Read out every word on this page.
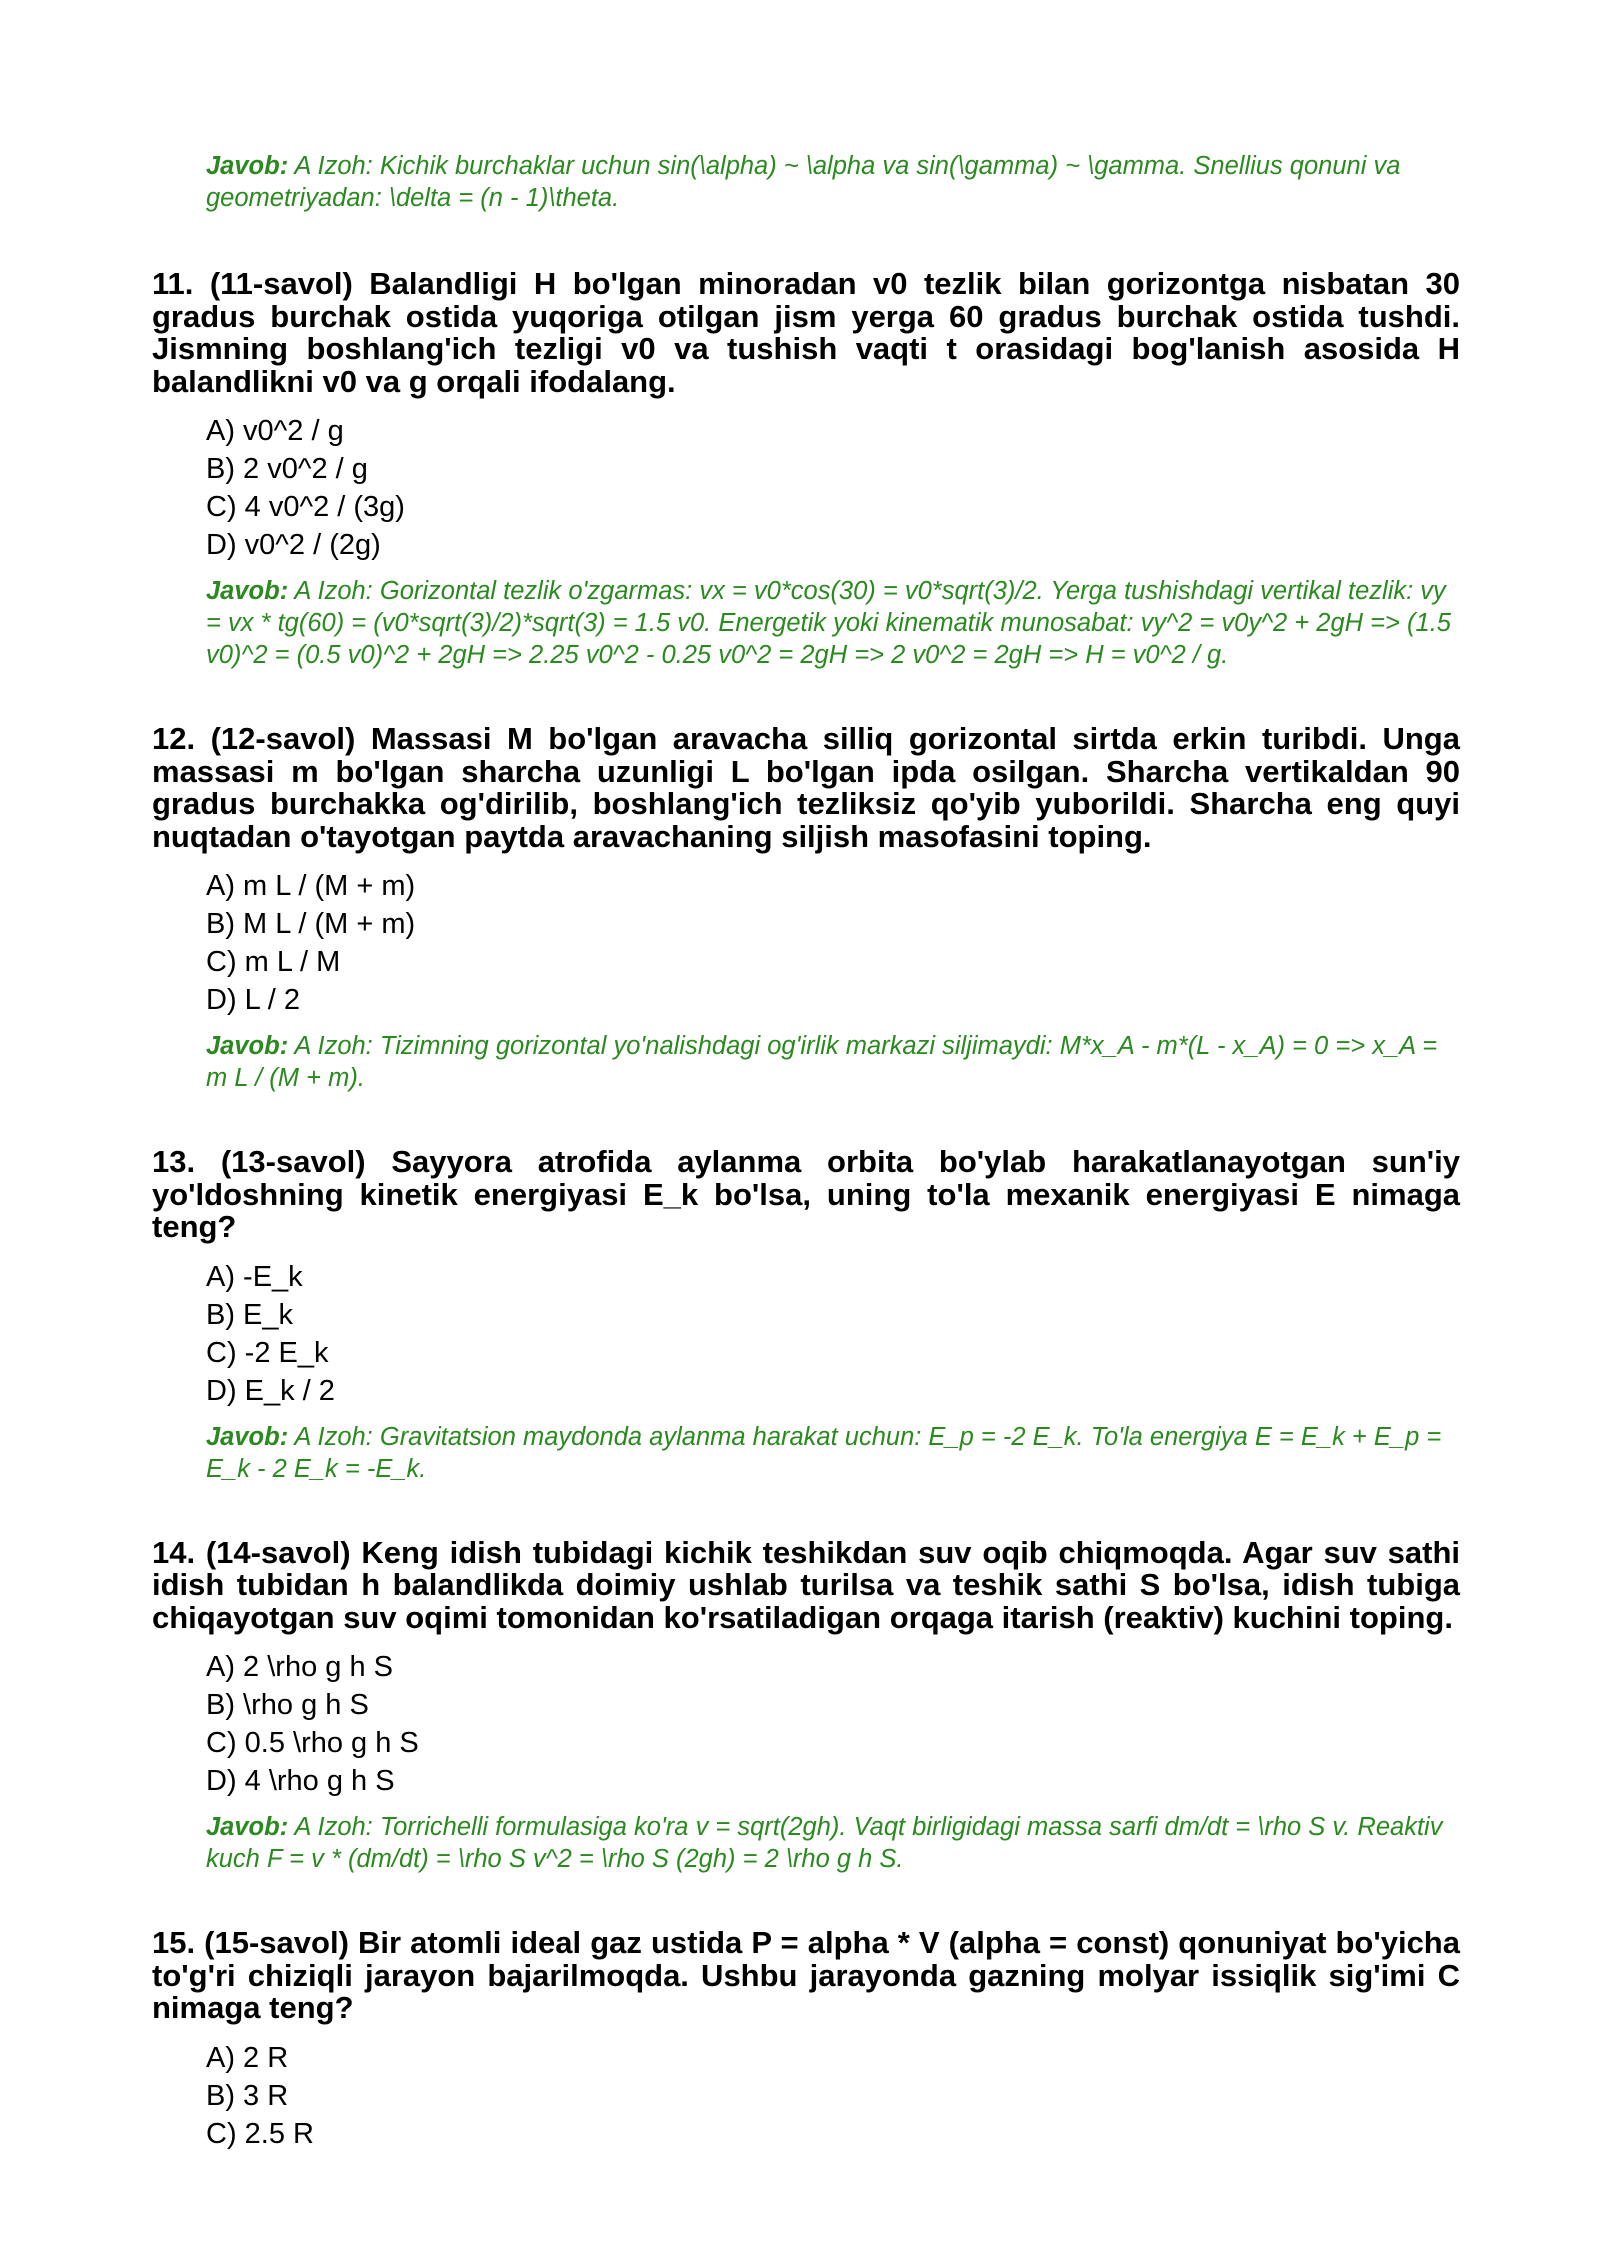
Javob: A Izoh: Kichik burchaklar uchun sin(\alpha) ~ \alpha va sin(\gamma) ~ \gamma. Snellius qonuni va geometriyadan: \delta = (n - 1)\theta.

11. (11-savol) Balandligi H bo'lgan minoradan v0 tezlik bilan gorizontga nisbatan 30 gradus burchak ostida yuqoriga otilgan jism yerga 60 gradus burchak ostida tushdi. Jismning boshlang'ich tezligi v0 va tushish vaqti t orasidagi bog'lanish asosida H balandlikni v0 va g orqali ifodalang.

A) v0^2 / g
B) 2 v0^2 / g
C) 4 v0^2 / (3g)
D) v0^2 / (2g)
Javob: A Izoh: Gorizontal tezlik o'zgarmas: vx = v0*cos(30) = v0*sqrt(3)/2. Yerga tushishdagi vertikal tezlik: vy = vx * tg(60) = (v0*sqrt(3)/2)*sqrt(3) = 1.5 v0. Energetik yoki kinematik munosabat: vy^2 = v0y^2 + 2gH => (1.5 v0)^2 = (0.5 v0)^2 + 2gH => 2.25 v0^2 - 0.25 v0^2 = 2gH => 2 v0^2 = 2gH => H = v0^2 / g.

12. (12-savol) Massasi M bo'lgan aravacha silliq gorizontal sirtda erkin turibdi. Unga massasi m bo'lgan sharcha uzunligi L bo'lgan ipda osilgan. Sharcha vertikaldan 90 gradus burchakka og'dirilib, boshlang'ich tezliksiz qo'yib yuborildi. Sharcha eng quyi nuqtadan o'tayotgan paytda aravachaning siljish masofasini toping.

A) m L / (M + m)
B) M L / (M + m)
C) m L / M
D) L / 2
Javob: A Izoh: Tizimning gorizontal yo'nalishdagi og'irlik markazi siljimaydi: M*x_A - m*(L - x_A) = 0 => x_A = m L / (M + m).

13. (13-savol) Sayyora atrofida aylanma orbita bo'ylab harakatlanayotgan sun'iy yo'ldoshning kinetik energiyasi E_k bo'lsa, uning to'la mexanik energiyasi E nimaga teng?

A) -E_k
B) E_k
C) -2 E_k
D) E_k / 2
Javob: A Izoh: Gravitatsion maydonda aylanma harakat uchun: E_p = -2 E_k. To'la energiya E = E_k + E_p = E_k - 2 E_k = -E_k.

14. (14-savol) Keng idish tubidagi kichik teshikdan suv oqib chiqmoqda. Agar suv sathi idish tubidan h balandlikda doimiy ushlab turilsa va teshik sathi S bo'lsa, idish tubiga chiqayotgan suv oqimi tomonidan ko'rsatiladigan orqaga itarish (reaktiv) kuchini toping.

A) 2 \rho g h S
B) \rho g h S
C) 0.5 \rho g h S
D) 4 \rho g h S
Javob: A Izoh: Torrichelli formulasiga ko'ra v = sqrt(2gh). Vaqt birligidagi massa sarfi dm/dt = \rho S v. Reaktiv kuch F = v * (dm/dt) = \rho S v^2 = \rho S (2gh) = 2 \rho g h S.

15. (15-savol) Bir atomli ideal gaz ustida P = alpha * V (alpha = const) qonuniyat bo'yicha to'g'ri chiziqli jarayon bajarilmoqda. Ushbu jarayonda gazning molyar issiqlik sig'imi C nimaga teng?

A) 2 R
B) 3 R
C) 2.5 R
